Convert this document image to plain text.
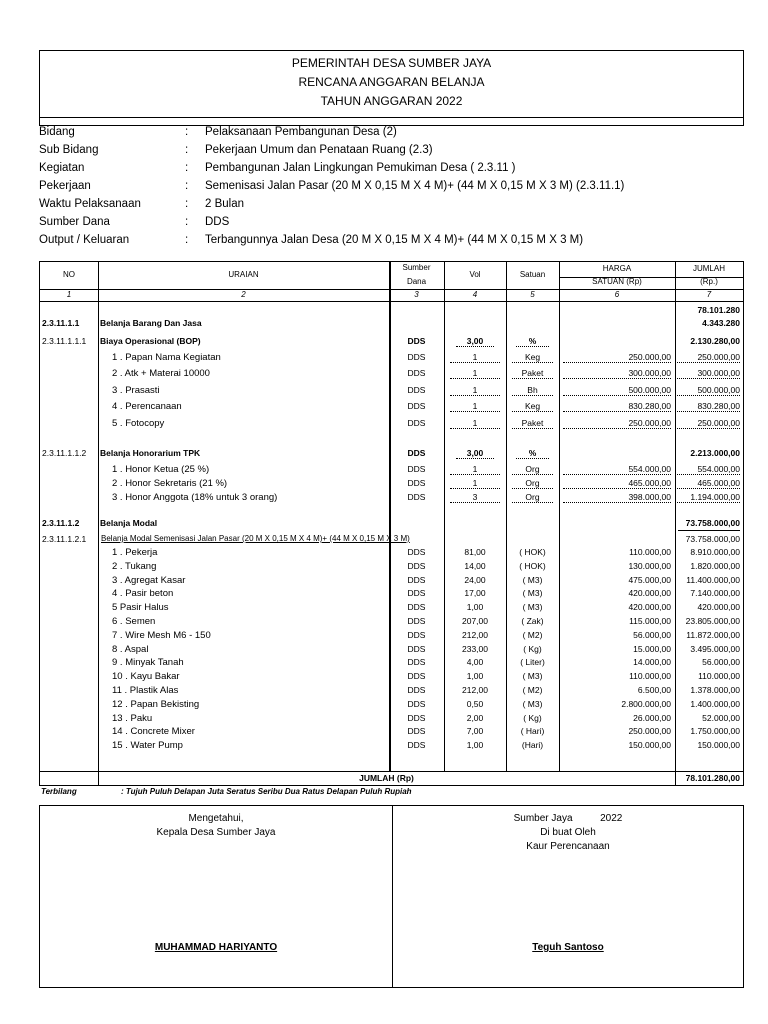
PEMERINTAH DESA SUMBER JAYA
RENCANA ANGGARAN BELANJA
TAHUN ANGGARAN 2022
Bidang	: Pelaksanaan Pembangunan Desa (2)
Sub Bidang	: Pekerjaan Umum dan Penataan Ruang (2.3)
Kegiatan	: Pembangunan Jalan Lingkungan Pemukiman Desa ( 2.3.11 )
Pekerjaan	: Semenisasi Jalan Pasar (20 M X 0,15 M X 4 M)+ (44 M X 0,15 M X 3 M) (2.3.11.1)
Waktu Pelaksanaan	: 2 Bulan
Sumber Dana	: DDS
Output / Keluaran	: Terbangunnya Jalan Desa (20 M X 0,15 M X 4 M)+ (44 M X 0,15 M X 3 M)
NO	URAIAN
Sumber
Dana
Vol	Satuan
HARGA
SATUAN (Rp)
JUMLAH
(Rp.)
1	2	3	4	5	6	7
78.101.280
2.3.11.1.1 Belanja Barang Dan Jasa	4.343.280
2.3.11.1.1.1 Biaya Operasional (BOP)	DDS	3,00	%	2.130.280,00
1 . Papan Nama Kegiatan	DDS	1	Keg	250.000,00	250.000,00
2 . Atk + Materai 10000	DDS	1	Paket	300.000,00	300.000,00
3 . Prasasti	DDS	1	Bh	500.000,00	500.000,00
4 . Perencanaan	DDS	1	Keg	830.280,00	830.280,00
5 . Fotocopy	DDS	1	Paket	250.000,00	250.000,00
2.3.11.1.1.2 Belanja Honorarium TPK	DDS	3,00	%	2.213.000,00
1 . Honor Ketua (25 %)	DDS	1	Org	554.000,00	554.000,00
2 . Honor Sekretaris (21 %)	DDS	1	Org	465.000,00	465.000,00
3 . Honor Anggota (18% untuk 3 orang)	DDS	3	Org	398.000,00	1.194.000,00
2.3.11.1.2 Belanja Modal	73.758.000,00
2.3.11.1.2.1 Belanja Modal Semenisasi Jalan Pasar (20 M X 0,15 M X 4 M)+ (44 M X 0,15 M X 3 M)	73.758.000,00
1 . Pekerja	DDS	81,00	( HOK)	110.000,00	8.910.000,00
2 . Tukang	DDS	14,00	( HOK)	130.000,00	1.820.000,00
3 . Agregat Kasar	DDS	24,00	( M3)	475.000,00	11.400.000,00
4 . Pasir beton	DDS	17,00	( M3)	420.000,00	7.140.000,00
5 Pasir Halus	DDS	1,00	( M3)	420.000,00	420.000,00
6 . Semen	DDS	207,00	( Zak)	115.000,00	23.805.000,00
7 . Wire Mesh M6 - 150	DDS	212,00	( M2)	56.000,00	11.872.000,00
8 . Aspal	DDS	233,00	( Kg)	15.000,00	3.495.000,00
9 . Minyak Tanah	DDS	4,00	( Liter)	14.000,00	56.000,00
10 . Kayu Bakar	DDS	1,00	( M3)	110.000,00	110.000,00
11 . Plastik Alas	DDS	212,00	( M2)	6.500,00	1.378.000,00
12 . Papan Bekisting	DDS	0,50	( M3)	2.800.000,00	1.400.000,00
13 . Paku	DDS	2,00	( Kg)	26.000,00	52.000,00
14 . Concrete Mixer	DDS	7,00	( Hari)	250.000,00	1.750.000,00
15 . Water Pump	DDS	1,00	(Hari)	150.000,00	150.000,00
JUMLAH (Rp)	78.101.280,00
Terbilang	: Tujuh Puluh Delapan Juta Seratus Seribu Dua Ratus Delapan Puluh Rupiah
Mengetahui,
Kepala Desa Sumber Jaya
MUHAMMAD HARIYANTO
Sumber Jaya	2022
Di buat Oleh
Kaur Perencanaan
Teguh Santoso
